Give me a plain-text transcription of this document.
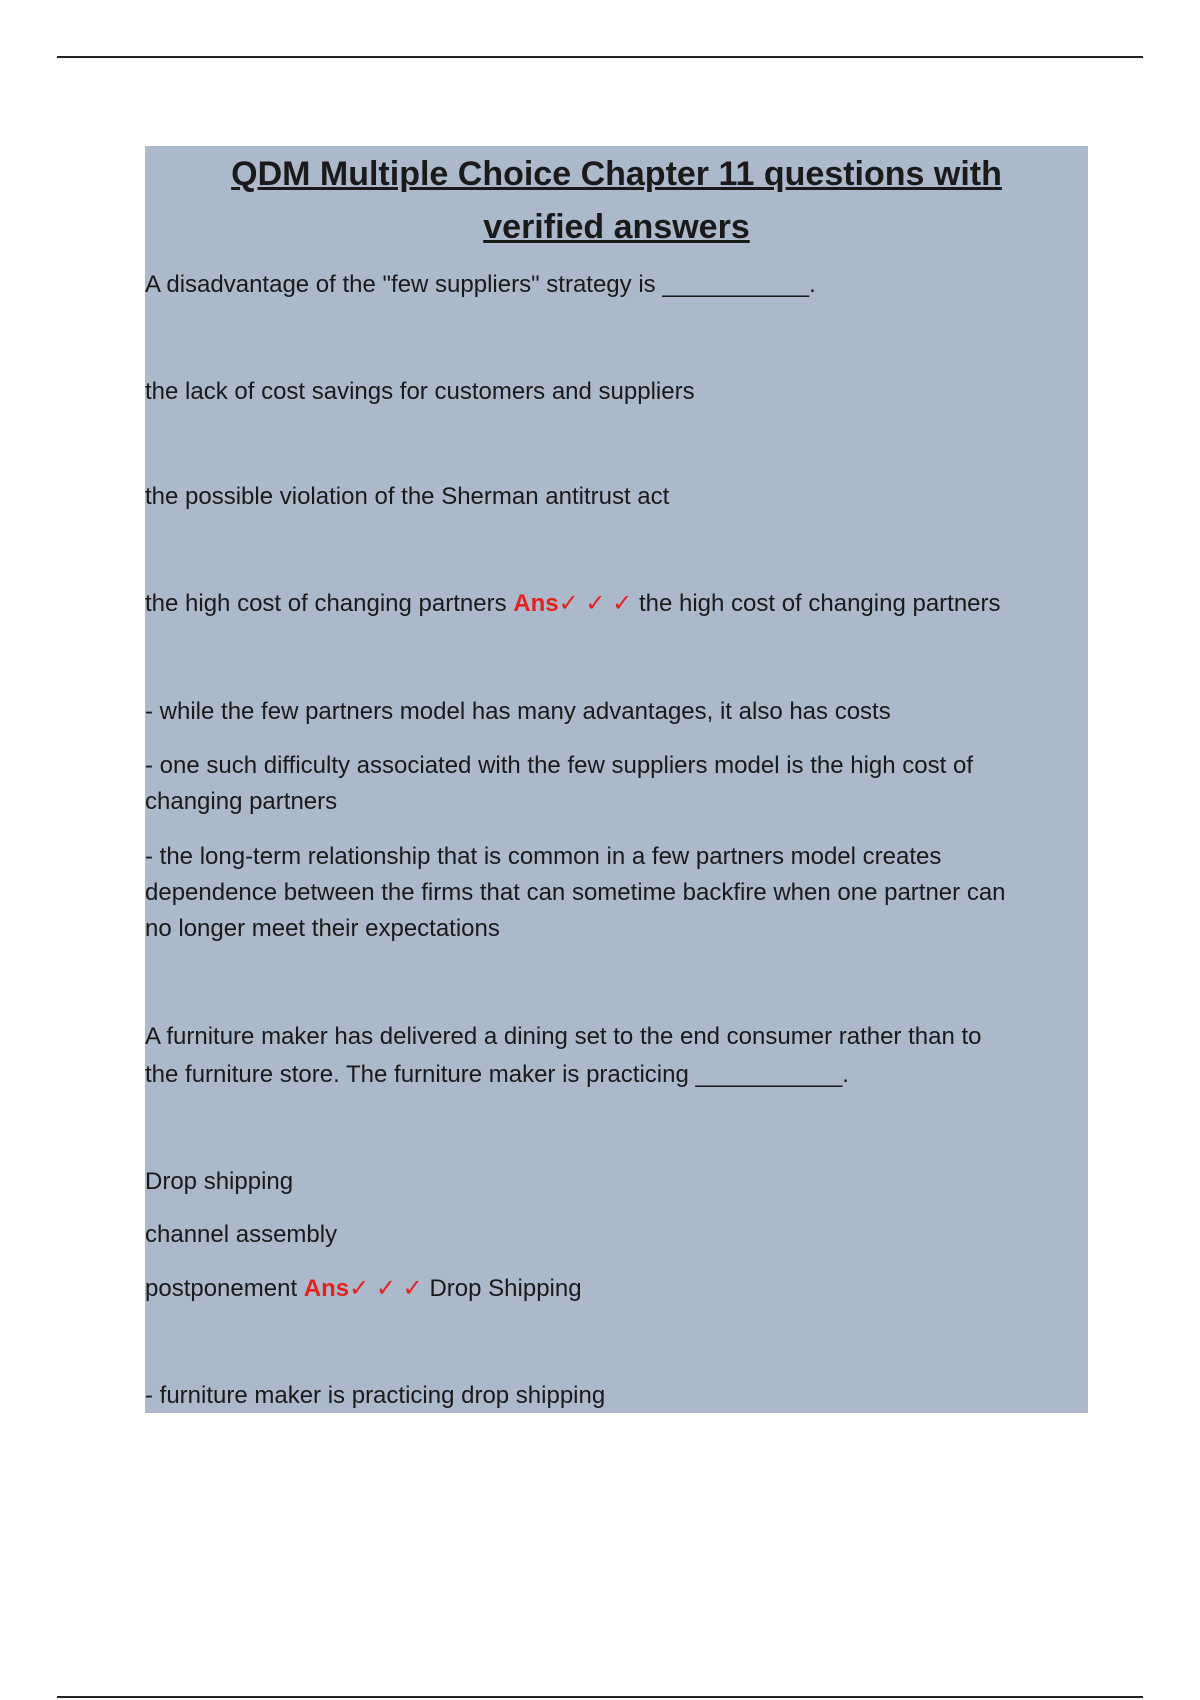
QDM Multiple Choice Chapter 11 questions with
verified answers
A disadvantage of the "few suppliers" strategy is ___________.
the lack of cost savings for customers and suppliers
the possible violation of the Sherman antitrust act
the high cost of changing partners Ans✓ ✓ ✓ the high cost of changing partners
- while the few partners model has many advantages, it also has costs
- one such difficulty associated with the few suppliers model is the high cost of
changing partners
- the long-term relationship that is common in a few partners model creates
dependence between the firms that can sometime backfire when one partner can
no longer meet their expectations
A furniture maker has delivered a dining set to the end consumer rather than to
the furniture store. The furniture maker is practicing ___________.
Drop shipping
channel assembly
postponement Ans✓ ✓ ✓ Drop Shipping
- furniture maker is practicing drop shipping
